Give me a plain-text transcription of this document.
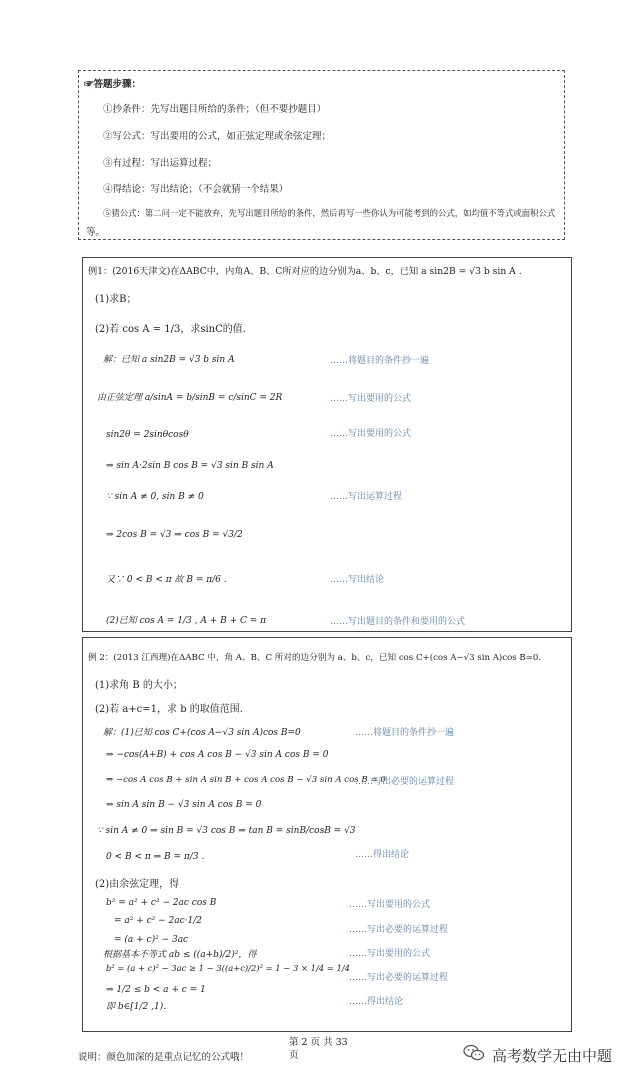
☞答题步骤：

①抄条件：先写出题目所给的条件；（但不要抄题目）

②写公式：写出要用的公式，如正弦定理或余弦定理；

③有过程：写出运算过程；

④得结论：写出结论；（不会就猜一个结果）

⑤猜公式：第二问一定不能放弃，先写出题目所给的条件，然后再写一些你认为可能考到的公式，如均值不等式或面积公式

等。

例1：(2016天津文)在ΔABC中，内角A、B、C所对应的边分别为a、b、c，已知 a sin2B = √3 b sin A .
(1)求B；
(2)若 cos A = 1/3，求sinC的值.
解：已知 a sin2B = √3 b sin A
由正弦定理 a/sinA = b/sinB = c/sinC = 2R
sin2θ = 2sinθcosθ
⇒ sin A·2sin B cos B = √3 sin B sin A
∵ sin A ≠ 0, sin B ≠ 0
⇒ 2cos B = √3 ⇒ cos B = √3/2
又∵ 0 < B < π 故 B = π/6 .
(2)已知 cos A = 1/3 , A + B + C = π
……将题目的条件抄一遍
……写出要用的公式
……写出要用的公式
……写出运算过程
……写出结论
……写出题目的条件和要用的公式
例 2：(2013 江西理)在ΔABC 中，角 A、B、C 所对的边分别为 a、b、c，已知 cos C+(cos A−√3 sin A)cos B=0.
(1)求角 B 的大小；
(2)若 a+c=1，求 b 的取值范围.
解：(1)已知 cos C+(cos A−√3 sin A)cos B=0
⇒ −cos(A+B) + cos A cos B − √3 sin A cos B = 0
⇒ −cos A cos B + sin A sin B + cos A cos B − √3 sin A cos B = 0
⇒ sin A sin B − √3 sin A cos B = 0
∵ sin A ≠ 0 ⇒ sin B = √3 cos B ⇒ tan B = sinB/cosB = √3
0 < B < π ⇒ B = π/3 .
(2)由余弦定理，得
b² = a² + c² − 2ac cos B
= a² + c² − 2ac·1/2
= (a + c)² − 3ac
根据基本不等式 ab ≤ ((a+b)/2)²，得
b² = (a + c)² − 3ac ≥ 1 − 3((a+c)/2)² = 1 − 3 × 1/4 = 1/4
⇒ 1/2 ≤ b < a + c = 1
即 b∈[1/2 ,1).
……将题目的条件抄一遍
……写出必要的运算过程
……得出结论
……写出要用的公式
……写出必要的运算过程
……写出要用的公式
……写出必要的运算过程
……得出结论
第 2 页 共 33
页
说明：颜色加深的是重点记忆的公式哦！	高考数学无由中题
